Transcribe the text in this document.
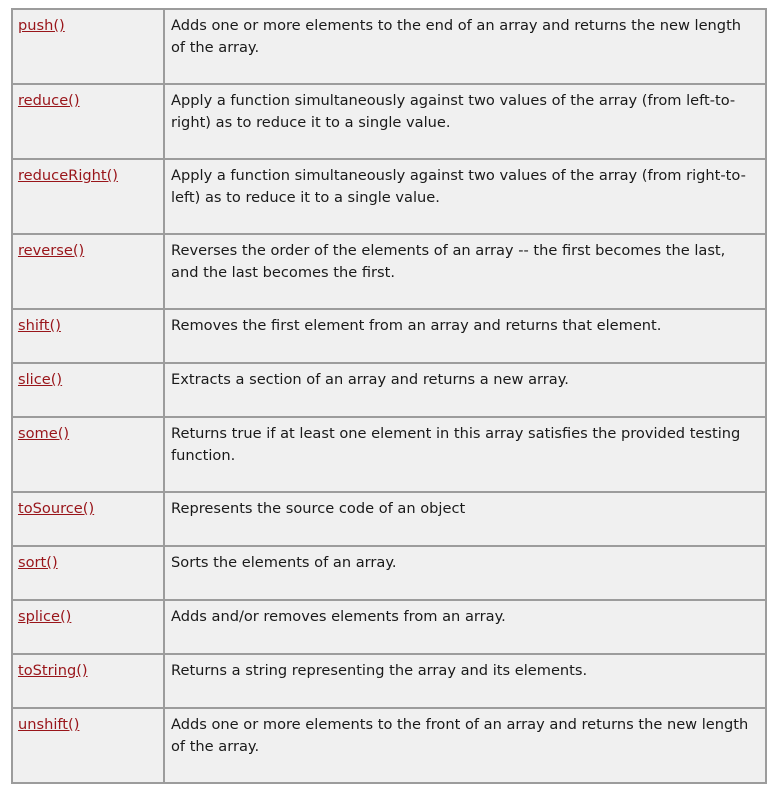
push()	Adds one or more elements to the end of an array and returns the new length of the array.
reduce()	Apply a function simultaneously against two values of the array (from left-to-right) as to reduce it to a single value.
reduceRight()	Apply a function simultaneously against two values of the array (from right-to-left) as to reduce it to a single value.
reverse()	Reverses the order of the elements of an array -- the first becomes the last, and the last becomes the first.
shift()	Removes the first element from an array and returns that element.
slice()	Extracts a section of an array and returns a new array.
some()	Returns true if at least one element in this array satisfies the provided testing function.
toSource()	Represents the source code of an object
sort()	Sorts the elements of an array.
splice()	Adds and/or removes elements from an array.
toString()	Returns a string representing the array and its elements.
unshift()	Adds one or more elements to the front of an array and returns the new length of the array.
